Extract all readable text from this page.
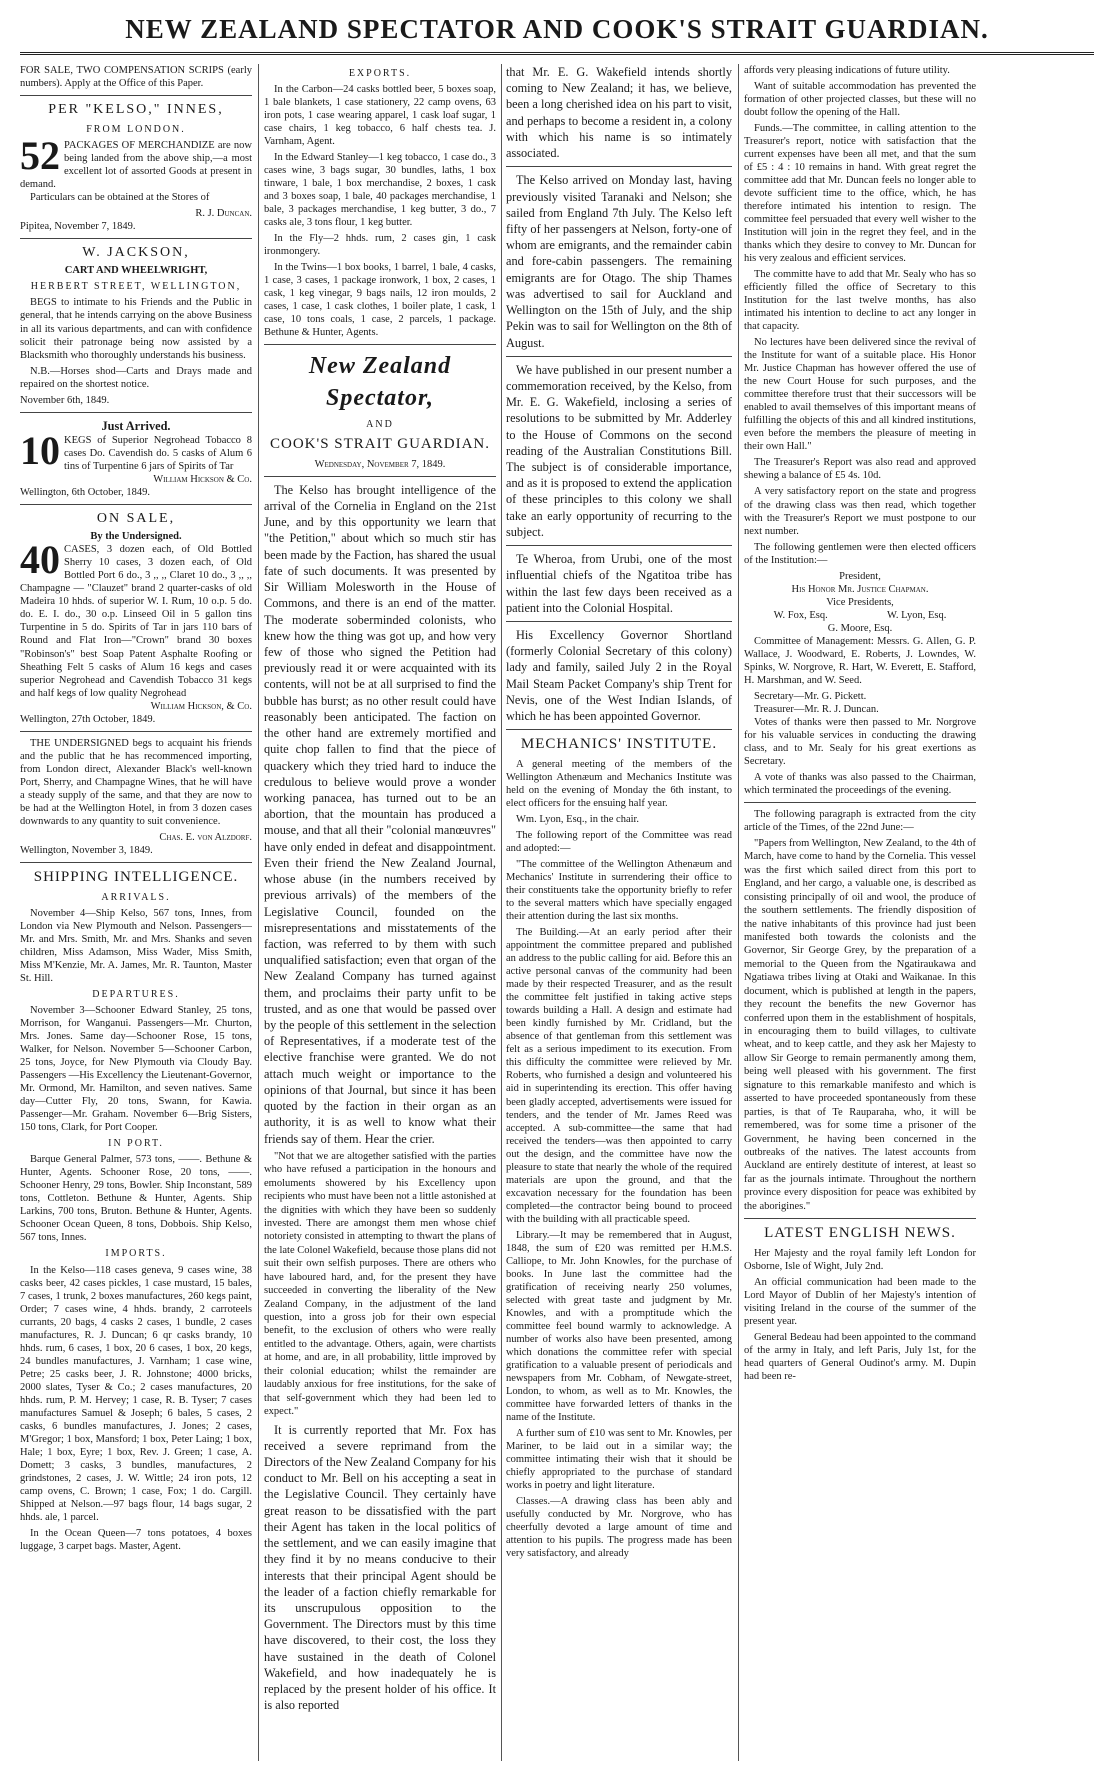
NEW ZEALAND SPECTATOR AND COOK'S STRAIT GUARDIAN.

FOR SALE, TWO COMPENSATION SCRIPS (early numbers). Apply at the Office of this Paper.

PER "KELSO," INNES,
FROM LONDON.
52 PACKAGES OF MERCHANDIZE are now being landed from the above ship,—a most excellent lot of assorted Goods at present in demand.

Particulars can be obtained at the Stores of

R. J. Duncan.
Pipitea, November 7, 1849.
W. JACKSON,
CART AND WHEELWRIGHT,
HERBERT STREET, WELLINGTON,

BEGS to intimate to his Friends and the Public in general, that he intends carrying on the above Business in all its various departments, and can with confidence solicit their patronage being now assisted by a Blacksmith who thoroughly understands his business.

N.B.—Horses shod—Carts and Drays made and repaired on the shortest notice.

November 6th, 1849.
Just Arrived.
10 KEGS of Superior Negrohead Tobacco 8 cases Do. Cavendish do. 5 casks of Alum 6 tins of Turpentine 6 jars of Spirits of Tar
William Hickson & Co.
Wellington, 6th October, 1849.
ON SALE,
By the Undersigned.
40 CASES, 3 dozen each, of Old Bottled Sherry 10 cases, 3 dozen each, of Old Bottled Port 6 do., 3 ,, ,, Claret 10 do., 3 ,, ,, Champagne — "Clauzet" brand 2 quarter-casks of old Madeira 10 hhds. of superior W. I. Rum, 10 o.p. 5 do. do. E. I. do., 30 o.p. Linseed Oil in 5 gallon tins Turpentine in 5 do. Spirits of Tar in jars 110 bars of Round and Flat Iron—"Crown" brand 30 boxes "Robinson's" best Soap Patent Asphalte Roofing or Sheathing Felt 5 casks of Alum 16 kegs and cases superior Negrohead and Cavendish Tobacco 31 kegs and half kegs of low quality Negrohead
William Hickson, & Co.
Wellington, 27th October, 1849.

THE UNDERSIGNED begs to acquaint his friends and the public that he has recommenced importing, from London direct, Alexander Black's well-known Port, Sherry, and Champagne Wines, that he will have a steady supply of the same, and that they are now to be had at the Wellington Hotel, in from 3 dozen cases downwards to any quantity to suit convenience.

Chas. E. von Alzdorf.
Wellington, November 3, 1849.
SHIPPING INTELLIGENCE.
ARRIVALS.

November 4—Ship Kelso, 567 tons, Innes, from London via New Plymouth and Nelson. Passengers—Mr. and Mrs. Smith, Mr. and Mrs. Shanks and seven children, Miss Adamson, Miss Wader, Miss Smith, Miss M'Kenzie, Mr. A. James, Mr. R. Taunton, Master St. Hill.

DEPARTURES.

November 3—Schooner Edward Stanley, 25 tons, Morrison, for Wanganui. Passengers—Mr. Churton, Mrs. Jones. Same day—Schooner Rose, 15 tons, Walker, for Nelson. November 5—Schooner Carbon, 25 tons, Joyce, for New Plymouth via Cloudy Bay. Passengers —His Excellency the Lieutenant-Governor, Mr. Ormond, Mr. Hamilton, and seven natives. Same day—Cutter Fly, 20 tons, Swann, for Kawia. Passenger—Mr. Graham. November 6—Brig Sisters, 150 tons, Clark, for Port Cooper.

IN PORT.

Barque General Palmer, 573 tons, ——. Bethune & Hunter, Agents. Schooner Rose, 20 tons, ——. Schooner Henry, 29 tons, Bowler. Ship Inconstant, 589 tons, Cottleton. Bethune & Hunter, Agents. Ship Larkins, 700 tons, Bruton. Bethune & Hunter, Agents. Schooner Ocean Queen, 8 tons, Dobbois. Ship Kelso, 567 tons, Innes.

IMPORTS.

In the Kelso—118 cases geneva, 9 cases wine, 38 casks beer, 42 cases pickles, 1 case mustard, 15 bales, 7 cases, 1 trunk, 2 boxes manufactures, 260 kegs paint, Order; 7 cases wine, 4 hhds. brandy, 2 carroteels currants, 20 bags, 4 casks 2 cases, 1 bundle, 2 cases manufactures, R. J. Duncan; 6 qr casks brandy, 10 hhds. rum, 6 cases, 1 box, 20 6 cases, 1 box, 20 kegs, 24 bundles manufactures, J. Varnham; 1 case wine, Petre; 25 casks beer, J. R. Johnstone; 4000 bricks, 2000 slates, Tyser & Co.; 2 cases manufactures, 20 hhds. rum, P. M. Hervey; 1 case, R. B. Tyser; 7 cases manufactures Samuel & Joseph; 6 bales, 5 cases, 2 casks, 6 bundles manufactures, J. Jones; 2 cases, M'Gregor; 1 box, Mansford; 1 box, Peter Laing; 1 box, Hale; 1 box, Eyre; 1 box, Rev. J. Green; 1 case, A. Domett; 3 casks, 3 bundles, manufactures, 2 grindstones, 2 cases, J. W. Wittle; 24 iron pots, 12 camp ovens, C. Brown; 1 case, Fox; 1 do. Cargill. Shipped at Nelson.—97 bags flour, 14 bags sugar, 2 hhds. ale, 1 parcel.

In the Ocean Queen—7 tons potatoes, 4 boxes luggage, 3 carpet bags. Master, Agent.

EXPORTS.

In the Carbon—24 casks bottled beer, 5 boxes soap, 1 bale blankets, 1 case stationery, 22 camp ovens, 63 iron pots, 1 case wearing apparel, 1 cask loaf sugar, 1 case chairs, 1 keg tobacco, 6 half chests tea. J. Varnham, Agent.

In the Edward Stanley—1 keg tobacco, 1 case do., 3 cases wine, 3 bags sugar, 30 bundles, laths, 1 box tinware, 1 bale, 1 box merchandise, 2 boxes, 1 cask and 3 boxes soap, 1 bale, 40 packages merchandise, 1 bale, 3 packages merchandise, 1 keg butter, 3 do., 7 casks ale, 3 tons flour, 1 keg butter.

In the Fly—2 hhds. rum, 2 cases gin, 1 cask ironmongery.

In the Twins—1 box books, 1 barrel, 1 bale, 4 casks, 1 case, 3 cases, 1 package ironwork, 1 box, 2 cases, 1 cask, 1 keg vinegar, 9 bags nails, 12 iron moulds, 2 cases, 1 case, 1 cask clothes, 1 boiler plate, 1 cask, 1 case, 10 tons coals, 1 case, 2 parcels, 1 package. Bethune & Hunter, Agents.

New Zealand Spectator,
AND
COOK'S STRAIT GUARDIAN.
Wednesday, November 7, 1849.

The Kelso has brought intelligence of the arrival of the Cornelia in England on the 21st June, and by this opportunity we learn that "the Petition," about which so much stir has been made by the Faction, has shared the usual fate of such documents. It was presented by Sir William Molesworth in the House of Commons, and there is an end of the matter. The moderate soberminded colonists, who knew how the thing was got up, and how very few of those who signed the Petition had previously read it or were acquainted with its contents, will not be at all surprised to find the bubble has burst; as no other result could have reasonably been anticipated. The faction on the other hand are extremely mortified and quite chop fallen to find that the piece of quackery which they tried hard to induce the credulous to believe would prove a wonder working panacea, has turned out to be an abortion, that the mountain has produced a mouse, and that all their "colonial manœuvres" have only ended in defeat and disappointment. Even their friend the New Zealand Journal, whose abuse (in the numbers received by previous arrivals) of the members of the Legislative Council, founded on the misrepresentations and misstatements of the faction, was referred to by them with such unqualified satisfaction; even that organ of the New Zealand Company has turned against them, and proclaims their party unfit to be trusted, and as one that would be passed over by the people of this settlement in the selection of Representatives, if a moderate test of the elective franchise were granted. We do not attach much weight or importance to the opinions of that Journal, but since it has been quoted by the faction in their organ as an authority, it is as well to know what their friends say of them. Hear the crier.

"Not that we are altogether satisfied with the parties who have refused a participation in the honours and emoluments showered by his Excellency upon recipients who must have been not a little astonished at the dignities with which they have been so suddenly invested. There are amongst them men whose chief notoriety consisted in attempting to thwart the plans of the late Colonel Wakefield, because those plans did not suit their own selfish purposes. There are others who have laboured hard, and, for the present they have succeeded in converting the liberality of the New Zealand Company, in the adjustment of the land question, into a gross job for their own especial benefit, to the exclusion of others who were really entitled to the advantage. Others, again, were chartists at home, and are, in all probability, little improved by their colonial education; whilst the remainder are laudably anxious for free institutions, for the sake of that self-government which they had been led to expect."

It is currently reported that Mr. Fox has received a severe reprimand from the Directors of the New Zealand Company for his conduct to Mr. Bell on his accepting a seat in the Legislative Council. They certainly have great reason to be dissatisfied with the part their Agent has taken in the local politics of the settlement, and we can easily imagine that they find it by no means conducive to their interests that their principal Agent should be the leader of a faction chiefly remarkable for its unscrupulous opposition to the Government. The Directors must by this time have discovered, to their cost, the loss they have sustained in the death of Colonel Wakefield, and how inadequately he is replaced by the present holder of his office. It is also reported

that Mr. E. G. Wakefield intends shortly coming to New Zealand; it has, we believe, been a long cherished idea on his part to visit, and perhaps to become a resident in, a colony with which his name is so intimately associated.

The Kelso arrived on Monday last, having previously visited Taranaki and Nelson; she sailed from England 7th July. The Kelso left fifty of her passengers at Nelson, forty-one of whom are emigrants, and the remainder cabin and fore-cabin passengers. The remaining emigrants are for Otago. The ship Thames was advertised to sail for Auckland and Wellington on the 15th of July, and the ship Pekin was to sail for Wellington on the 8th of August.

We have published in our present number a commemoration received, by the Kelso, from Mr. E. G. Wakefield, inclosing a series of resolutions to be submitted by Mr. Adderley to the House of Commons on the second reading of the Australian Constitutions Bill. The subject is of considerable importance, and as it is proposed to extend the application of these principles to this colony we shall take an early opportunity of recurring to the subject.

Te Wheroa, from Urubi, one of the most influential chiefs of the Ngatitoa tribe has within the last few days been received as a patient into the Colonial Hospital.

His Excellency Governor Shortland (formerly Colonial Secretary of this colony) lady and family, sailed July 2 in the Royal Mail Steam Packet Company's ship Trent for Nevis, one of the West Indian Islands, of which he has been appointed Governor.

MECHANICS' INSTITUTE.

A general meeting of the members of the Wellington Athenæum and Mechanics Institute was held on the evening of Monday the 6th instant, to elect officers for the ensuing half year.

Wm. Lyon, Esq., in the chair.

The following report of the Committee was read and adopted:—

"The committee of the Wellington Athenæum and Mechanics' Institute in surrendering their office to their constituents take the opportunity briefly to refer to the several matters which have specially engaged their attention during the last six months.

The Building.—At an early period after their appointment the committee prepared and published an address to the public calling for aid. Before this an active personal canvas of the community had been made by their respected Treasurer, and as the result the committee felt justified in taking active steps towards building a Hall. A design and estimate had been kindly furnished by Mr. Cridland, but the absence of that gentleman from this settlement was felt as a serious impediment to its execution. From this difficulty the committee were relieved by Mr. Roberts, who furnished a design and volunteered his aid in superintending its erection. This offer having been gladly accepted, advertisements were issued for tenders, and the tender of Mr. James Reed was accepted. A sub-committee—the same that had received the tenders—was then appointed to carry out the design, and the committee have now the pleasure to state that nearly the whole of the required materials are upon the ground, and that the excavation necessary for the foundation has been completed—the contractor being bound to proceed with the building with all practicable speed.

Library.—It may be remembered that in August, 1848, the sum of £20 was remitted per H.M.S. Calliope, to Mr. John Knowles, for the purchase of books. In June last the committee had the gratification of receiving nearly 250 volumes, selected with great taste and judgment by Mr. Knowles, and with a promptitude which the committee feel bound warmly to acknowledge. A number of works also have been presented, among which donations the committee refer with special gratification to a valuable present of periodicals and newspapers from Mr. Cobham, of Newgate-street, London, to whom, as well as to Mr. Knowles, the committee have forwarded letters of thanks in the name of the Institute.

A further sum of £10 was sent to Mr. Knowles, per Mariner, to be laid out in a similar way; the committee intimating their wish that it should be chiefly appropriated to the purchase of standard works in poetry and light literature.

Classes.—A drawing class has been ably and usefully conducted by Mr. Norgrove, who has cheerfully devoted a large amount of time and attention to his pupils. The progress made has been very satisfactory, and already

affords very pleasing indications of future utility.

Want of suitable accommodation has prevented the formation of other projected classes, but these will no doubt follow the opening of the Hall.

Funds.—The committee, in calling attention to the Treasurer's report, notice with satisfaction that the current expenses have been all met, and that the sum of £5 : 4 : 10 remains in hand. With great regret the committee add that Mr. Duncan feels no longer able to devote sufficient time to the office, which, he has therefore intimated his intention to resign. The committee feel persuaded that every well wisher to the Institution will join in the regret they feel, and in the thanks which they desire to convey to Mr. Duncan for his very zealous and efficient services.

The committe have to add that Mr. Sealy who has so efficiently filled the office of Secretary to this Institution for the last twelve months, has also intimated his intention to decline to act any longer in that capacity.

No lectures have been delivered since the revival of the Institute for want of a suitable place. His Honor Mr. Justice Chapman has however offered the use of the new Court House for such purposes, and the committee therefore trust that their successors will be enabled to avail themselves of this important means of fulfilling the objects of this and all kindred institutions, even before the members the pleasure of meeting in their own Hall."

The Treasurer's Report was also read and approved shewing a balance of £5 4s. 10d.

A very satisfactory report on the state and progress of the drawing class was then read, which together with the Treasurer's Report we must postpone to our next number.

The following gentlemen were then elected officers of the Institution:—

President,
His Honor Mr. Justice Chapman.
Vice Presidents,
W. Fox, Esq.	W. Lyon, Esq.
G. Moore, Esq.

Committee of Management: Messrs. G. Allen, G. P. Wallace, J. Woodward, E. Roberts, J. Lowndes, W. Spinks, W. Norgrove, R. Hart, W. Everett, E. Stafford, H. Marshman, and W. Seed.

Secretary—Mr. G. Pickett.
Treasurer—Mr. R. J. Duncan.

Votes of thanks were then passed to Mr. Norgrove for his valuable services in conducting the drawing class, and to Mr. Sealy for his great exertions as Secretary.

A vote of thanks was also passed to the Chairman, which terminated the proceedings of the evening.

The following paragraph is extracted from the city article of the Times, of the 22nd June:—

"Papers from Wellington, New Zealand, to the 4th of March, have come to hand by the Cornelia. This vessel was the first which sailed direct from this port to England, and her cargo, a valuable one, is described as consisting principally of oil and wool, the produce of the southern settlements. The friendly disposition of the native inhabitants of this province had just been manifested both towards the colonists and the Governor, Sir George Grey, by the preparation of a memorial to the Queen from the Ngatiraukawa and Ngatiawa tribes living at Otaki and Waikanae. In this document, which is published at length in the papers, they recount the benefits the new Governor has conferred upon them in the establishment of hospitals, in encouraging them to build villages, to cultivate wheat, and to keep cattle, and they ask her Majesty to allow Sir George to remain permanently among them, being well pleased with his government. The first signature to this remarkable manifesto and which is asserted to have proceeded spontaneously from these parties, is that of Te Rauparaha, who, it will be remembered, was for some time a prisoner of the Government, he having been concerned in the outbreaks of the natives. The latest accounts from Auckland are entirely destitute of interest, at least so far as the journals intimate. Throughout the northern province every disposition for peace was exhibited by the aborigines."

LATEST ENGLISH NEWS.

Her Majesty and the royal family left London for Osborne, Isle of Wight, July 2nd.

An official communication had been made to the Lord Mayor of Dublin of her Majesty's intention of visiting Ireland in the course of the summer of the present year.

General Bedeau had been appointed to the command of the army in Italy, and left Paris, July 1st, for the head quarters of General Oudinot's army. M. Dupin had been re-
